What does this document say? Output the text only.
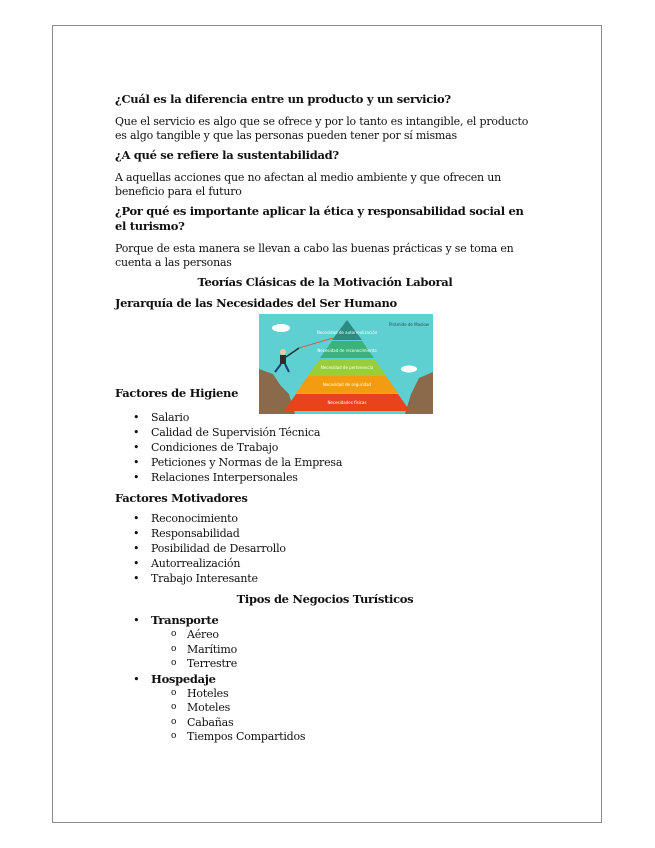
¿Cuál es la diferencia entre un producto y un servicio?

Que el servicio es algo que se ofrece y por lo tanto es intangible, el producto es algo tangible y que las personas pueden tener por sí mismas

¿A qué se refiere la sustentabilidad?

A aquellas acciones que no afectan al medio ambiente y que ofrecen un beneficio para el futuro

¿Por qué es importante aplicar la ética y responsabilidad social en el turismo?

Porque de esta manera se llevan a cabo las buenas prácticas y se toma en cuenta a las personas

Teorías Clásicas de la Motivación Laboral

Jerarquía de las Necesidades del Ser Humano

Necesidad de autorrealización
Necesidad de reconocimiento
Necesidad de pertenencia
Necesidad de seguridad
Necesidades físicas
Pirámide de Maslow
Factores de Higiene
• Salario
• Calidad de Supervisión Técnica
• Condiciones de Trabajo
• Peticiones y Normas de la Empresa
• Relaciones Interpersonales

Factores Motivadores

• Reconocimiento
• Responsabilidad
• Posibilidad de Desarrollo
• Autorrealización
• Trabajo Interesante

Tipos de Negocios Turísticos

• Transporte
o Aéreo
o Marítimo
o Terrestre
• Hospedaje
o Hoteles
o Moteles
o Cabañas
o Tiempos Compartidos
